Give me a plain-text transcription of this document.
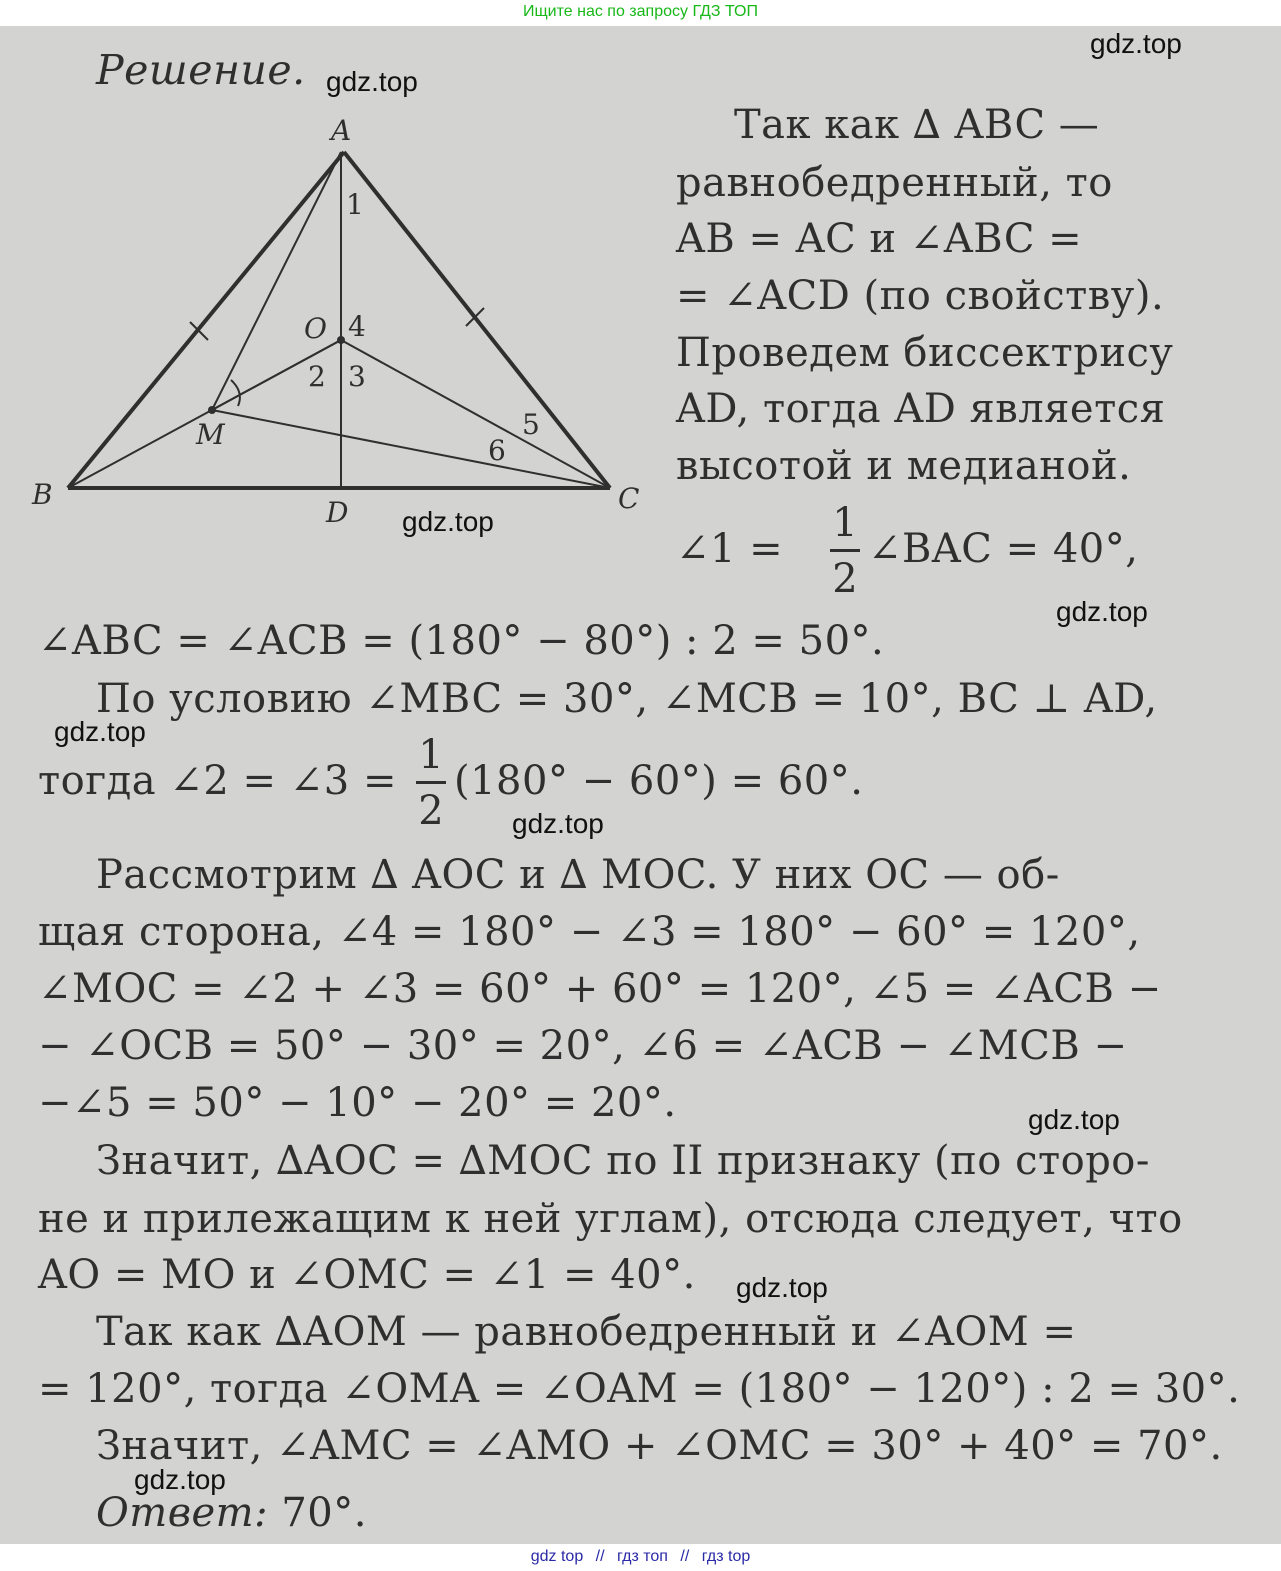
Ищите нас по запросу ГДЗ ТОП
Решение.
A
B	C
D
O
M
1
2 3
4
5
6
Так как ∆ ABC —
равнобедренный, то
AB = AC и ∠ABC =
= ∠ACD (по свойству).
Проведем биссектрису
AD, тогда AD является
высотой и медианой.
∠1 =
1
2
∠BAC = 40°,
∠ABC = ∠ACB = (180° − 80°) : 2 = 50°.
По условию ∠MBC = 30°, ∠MCB = 10°, BC ⊥ AD,
тогда ∠2 = ∠3 =
1
2
(180° − 60°) = 60°.
Рассмотрим ∆ AOC и ∆ MOC. У них OC — об-
щая сторона, ∠4 = 180° − ∠3 = 180° − 60° = 120°,
∠MOC = ∠2 + ∠3 = 60° + 60° = 120°, ∠5 = ∠ACB −
− ∠OCB = 50° − 30° = 20°, ∠6 = ∠ACB − ∠MCB −
−∠5 = 50° − 10° − 20° = 20°.
Значит, ∆AOC = ∆MOC по II признаку (по сторо-
не и прилежащим к ней углам), отсюда следует, что
AO = MO и ∠OMC = ∠1 = 40°.
Так как ∆AOM — равнобедренный и ∠AOM =
= 120°, тогда ∠OMA = ∠OAM = (180° − 120°) : 2 = 30°.
Значит, ∠AMC = ∠AMO + ∠OMC = 30° + 40° = 70°.
Ответ: 70°.
gdz.top
gdz.top
gdz.top
gdz.top
gdz.top
gdz.top
gdz.top
gdz.top
gdz.top
gdz top // гдз топ // гдз top
